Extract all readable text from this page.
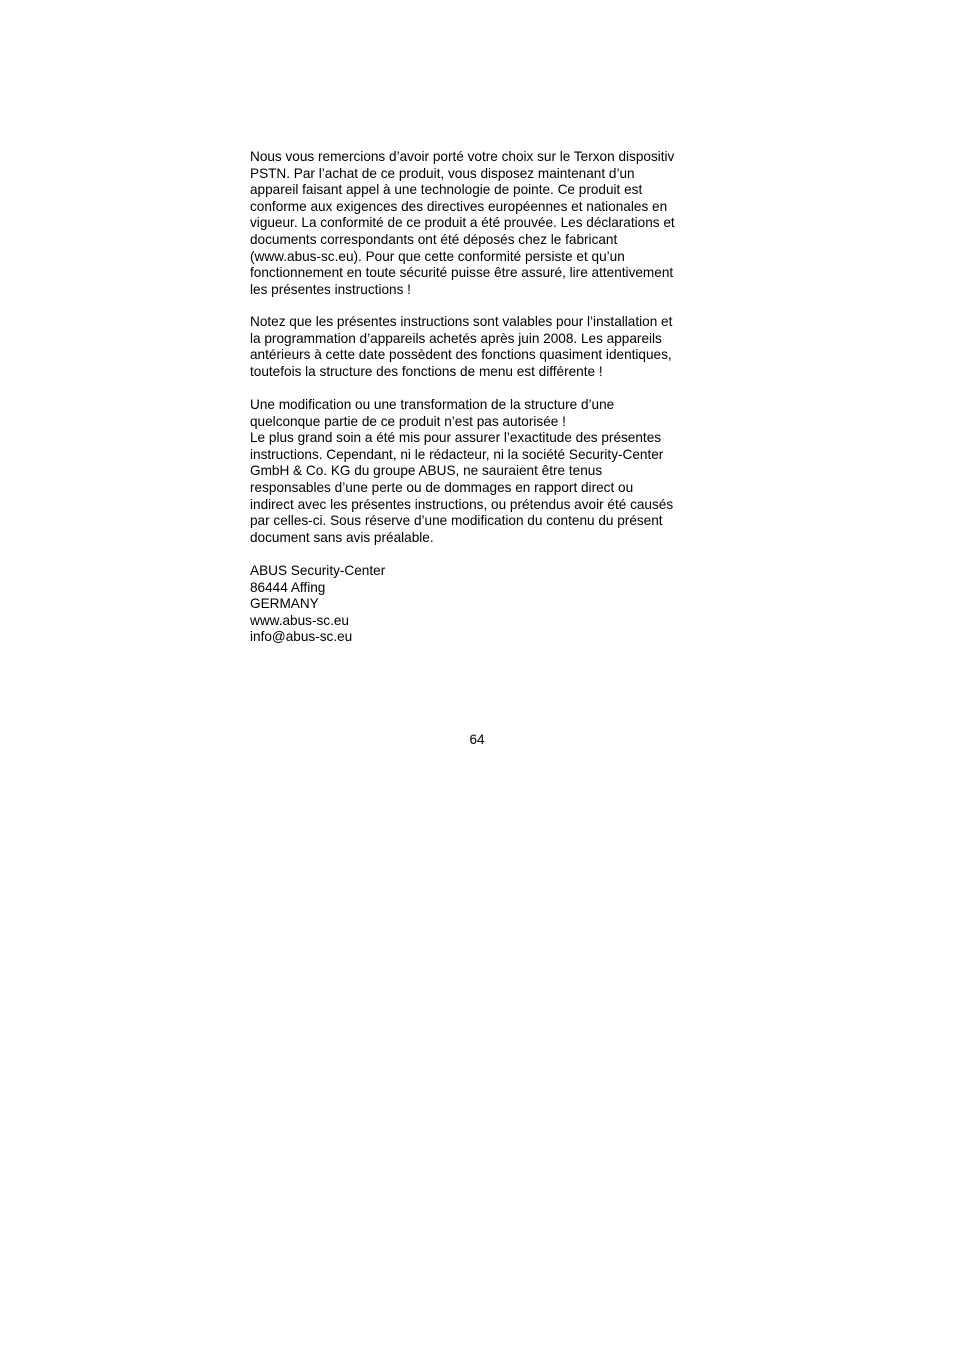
Nous vous remercions d’avoir porté votre choix sur le Terxon dispositiv
PSTN. Par l’achat de ce produit, vous disposez maintenant d’un
appareil faisant appel à une technologie de pointe. Ce produit est
conforme aux exigences des directives européennes et nationales en
vigueur. La conformité de ce produit a été prouvée. Les déclarations et
documents correspondants ont été déposés chez le fabricant
(www.abus-sc.eu). Pour que cette conformité persiste et qu’un
fonctionnement en toute sécurité puisse être assuré, lire attentivement
les présentes instructions !

Notez que les présentes instructions sont valables pour l’installation et
la programmation d’appareils achetés après juin 2008. Les appareils
antérieurs à cette date possèdent des fonctions quasiment identiques,
toutefois la structure des fonctions de menu est différente !

Une modification ou une transformation de la structure d’une
quelconque partie de ce produit n’est pas autorisée !
Le plus grand soin a été mis pour assurer l’exactitude des présentes
instructions. Cependant, ni le rédacteur, ni la société Security-Center
GmbH & Co. KG du groupe ABUS, ne sauraient être tenus
responsables d’une perte ou de dommages en rapport direct ou
indirect avec les présentes instructions, ou prétendus avoir été causés
par celles-ci. Sous réserve d’une modification du contenu du présent
document sans avis préalable.

ABUS Security-Center
86444 Affing
GERMANY
www.abus-sc.eu
info@abus-sc.eu
64
